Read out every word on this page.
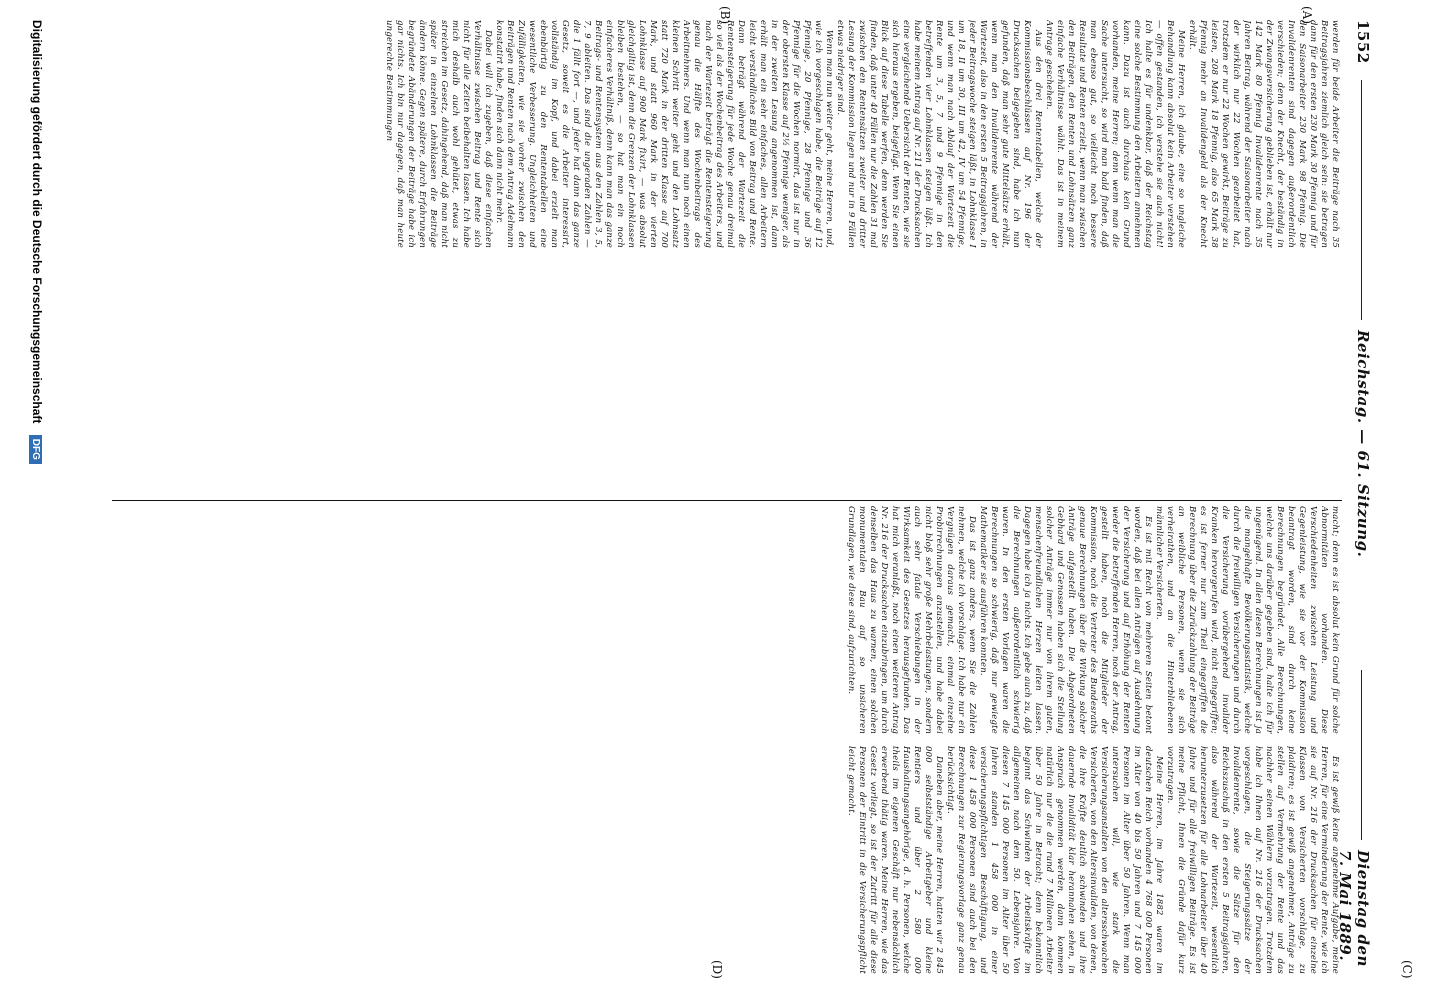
1552
Reichstag. — 61. Sitzung.
Dienstag den 7. Mai 1889.
(A)
(B)
(C)
(D)

werden für beide Arbeiter die Beiträge nach 35 Beitragsjahren ziemlich gleich sein: sie betragen dann für den ersten 230 Mark 30 Pfennig und für den Saisonarbeiter 230 Mark 98 Pfennig. Die Invalidenrenten sind dagegen außerordentlich verschieden; denn der Knecht, der beständig in der Zwangsversicherung geblieben ist, erhält nur 142 Mark 80 Pfennig Invalidenrente nach 35 Jahren Beitrag, während der Saisonarbeiter nach der wirklich nur 22 Wochen gearbeitet hat, trotzdem er nur 22 Wochen gewirkt, Beiträge zu leisten, 208 Mark 18 Pfennig, also 65 Mark 38 Pfennig mehr an Invalidengeld als der Knecht erhält.

Meine Herren, ich glaube, eine so ungleiche Behandlung kann absolut kein Arbeiter verstehen — offen gestanden, ich verstehe sie auch nicht! Ich halte es für undenkbar, daß der Reichstag eine solche Bestimmung den Arbeitern annehmen kann. Dazu ist auch durchaus kein Grund vorhanden, meine Herren; denn wenn man die Sache untersucht, so wird man bald finden, daß man ebenso gut, so vielleicht noch bessere Resultate und Renten erzielt, wenn man zwischen den Beiträgen, den Renten und Lohnsätzen ganz einfache Verhältnisse wählt. Das ist in meinem Antrage geschehen.

Aus den drei Rententabellen, welche der Kommissionsbeschlüssen auf Nr. 196 der Drucksachen beigegeben sind, habe ich nun gefunden, daß man sehr gute Mittelsätze erhält, wenn man den Invalidenrente während der Wartezeit, also in den ersten 5 Beitragsjahren, in jeder Beitragswoche steigen läßt, in Lohnklasse I um 18, II um 30, III um 42, IV um 54 Pfennige, und wenn man nach Ablauf der Wartezeit die Rente um 3, 5, 7 und 9 Pfennige in den betreffenden vier Lohnklassen steigen läßt. Ich habe meinem Antrag auf Nr. 211 der Drucksachen eine vergleichende Uebersicht der Renten, wie sie sich hieraus ergeben, beigefügt. Wenn Sie einen Blick auf diese Tabelle werfen, denn werden Sie finden, daß unter 40 Fällen nur die Zahlen 31 mal zwischen den Rentensätzen zweiter und dritter Lesung der Kommission liegen und nur in 9 Fällen etwas niedriger sind.

Wenn man nun weiter geht, meine Herren, und, wie ich vorgeschlagen habe, die Beiträge auf 12 Pfennige, 20 Pfennige, 28 Pfennige und 36 Pfennige für die Wochen normirt, das ist nur in der obersten Klasse auf 2½ Pfennige weniger, als in der zweiten Lesung angenommen ist, dann erhält man ein sehr einfaches, allen Arbeitern leicht verständliches Bild von Beitrag und Rente. Dann beträgt während der Wartezeit die Rentensteigerung für jede Woche genau dreimal so viel als der Wochenbeitrag des Arbeiters, und nach der Wartezeit beträgt die Rentensteigerung genau die Hälfte des Wochenbeitrags des Arbeitnehmers. Und wenn man nun noch einen kleinen Schritt weiter geht und den Lohnsatz statt 720 Mark in der dritten Klasse auf 700 Mark, und statt 960 Mark in der vierten Lohnklasse auf 900 Mark fixirt, — was absolut gleichgiltig ist, denn die Grenzen der Lohnklassen bleiben bestehen, — so hat man ein noch einfacheres Verhältniß, denn kann man das ganze Beitrags- und Rentensystem aus den Zahlen 3, 5, 7, 9 ableiten. Das sind die ungeraden Zahlen — die 1 fällt fort —, und jeder hat dann das ganze Gesetz, soweit es die Arbeiter interessirt, vollständig im Kopf, und dabei erzielt man ebenbürtig zu den Rententabellen eine wesentliche Verbesserung. Ungleichheiten und Zufälligkeiten, wie sie vorher zwischen den Beiträgen und Renten nach dem Antrag Adelmann konstatirt habe, finden sich dann nicht mehr.

Dabei will ich zugeben, daß diese einfachen Verhältnisse zwischen Beitrag und Rente sich nicht für alle Zeiten beibehalten lassen. Ich habe mich deshalb auch wohl gehütet, etwas zu streichen im Gesetz, dahingehend, daß man nicht später in einzelnen Lohnklassen die Beiträge ändern könne. Gegen spätere, durch Erfahrungen begründete Abänderungen der Beiträge habe ich gar nichts. Ich bin nur dagegen, daß man heute ungerechte Bestimmungen

macht; denn es ist absolut kein Grund für solche Abnormitäten vorhanden. Diese Verschiedenheiten zwischen Leistung und Gegenleistung, wie sie vor der Kommission beantragt worden, sind durch keine Berechnungen begründet. Alle Berechnungen, welche uns darüber gegeben sind, halte ich für ungenügend. In allen diesen Berechnungen ist ja die mangelhafte Bevölkerungsstatistik, welche durch die freiwilligen Versicherungen und durch die Versicherung vorübergehend invalider Kranken hervorgerufen wird, nicht eingegriffen; es ist ferner nur zum Theil eingegriffen die Berechnung über die Zurückzahlung der Beiträge an weibliche Personen, wenn sie sich verheirathen, und an die Hinterbliebenen männlicher Versicherten.

Es ist mit Recht von mehreren Seiten betont worden, daß bei allen Anträgen auf Ausdehnung der Versicherung und auf Erhöhung der Renten weder die betreffenden Herren, noch der Antrag, gestellt haben, noch die Mitglieder der Kommission, noch die Vertreter des Bundesraths genaue Berechnungen über die Wirkung solcher Anträge aufgestellt haben. Die Abgeordneten Gebhard und Genossen haben sich die Stellung solcher Anträge immer nur von ihrem guten, menschenfreundlichen Herzen leiten lassen. Dagegen habe ich ja nichts. Ich gebe auch zu, daß die Berechnungen außerordentlich schwierig waren. In den ersten Vorlagen waren die Berechnungen so schwierig, daß nur gewiegte Mathematiker sie ausführen konnten.

Das ist ganz anders, wenn Sie die Zahlen nehmen, welche ich vorschlage. Ich habe nur ein Vergnügen daraus gemacht, einmal einzelne Probirrechnungen anzustellen, und habe dabei nicht bloß sehr große Mehrbelastungen, sondern auch sehr fatale Verschiebungen in der Wirksamkeit des Gesetzes herausgefunden. Das hat mich veranlaßt, noch einen weiteren Antrag Nr. 216 der Drucksachen einzubringen, um durch denselben das Haus zu warnen, einen solchen monumentalen Bau auf so unsicheren Grundlagen, wie diese sind, aufzurichten.

Es ist gewiß keine angenehme Aufgabe, meine Herren, für eine Verminderung der Rente, wie ich sie auf Nr. 216 der Drucksachen für einzelne Klassen von Versicherten vorschlage, zu plaidiren; es ist gewiß angenehmer, Anträge zu stellen auf Vermehrung der Rente und das nachher seinen Wählern vorzutragen. Trotzdem habe ich Ihnen auf Nr. 216 der Drucksachen vorgeschlagen, die Steigerungssätze der Invalidenrente, sowie die Sätze für den Reichszuschuß in den ersten 5 Beitragsjahren, also während der Wartezeit, wesentlich herunterzusetzen für alle Lohnarbeiter über 40 Jahre und für alle freiwilligen Beiträge. Es ist meine Pflicht, Ihnen die Gründe dafür kurz vorzutragen.

Meine Herren, im Jahre 1882 waren im deutschen Reich vorhanden 4 768 000 Personen im Alter von 40 bis 50 Jahren und 7 145 000 Personen im Alter über 50 Jahren. Wenn man untersuchen will, wie stark die Versicherungsanstalten von den altersschwachen Versicherten, von den Altersinvaliden, von denen, die ihre Kräfte deutlich schwinden und ihre dauernde Invalidität klar herannahen sehen, in Anspruch genommen werden, dann kommen natürlich nur die die rund 7 Millionen Arbeiter über 50 Jahre in Betracht; denn bekanntlich beginnt das Schwinden der Arbeitskräfte im allgemeinen nach dem 50. Lebensjahre. Von diesen 7 145 000 Personen im Alter über 50 Jahren standen 1 458 000 in einer versicherungspflichtigen Beschäftigung, und diese 1 458 000 Personen sind auch bei den Berechnungen zur Regierungsvorlage ganz genau berücksichtigt.

Daneben aber, meine Herren, hatten wir 2 845 000 selbstständige Arbeitgeber und kleine Rentiers und über 2 580 000 Haushaltungsangehörige, d. h. Personen, welche theils im eigenen Geschäft nur nebensächlich erwerbend thätig waren. Meine Herren, wie das Gesetz vorliegt, so ist der Zutritt für alle diese Personen der Eintritt in die Versicherungspflicht leicht gemacht.

Digitalisierung gefördert durch die Deutsche Forschungsgemeinschaft DFG
